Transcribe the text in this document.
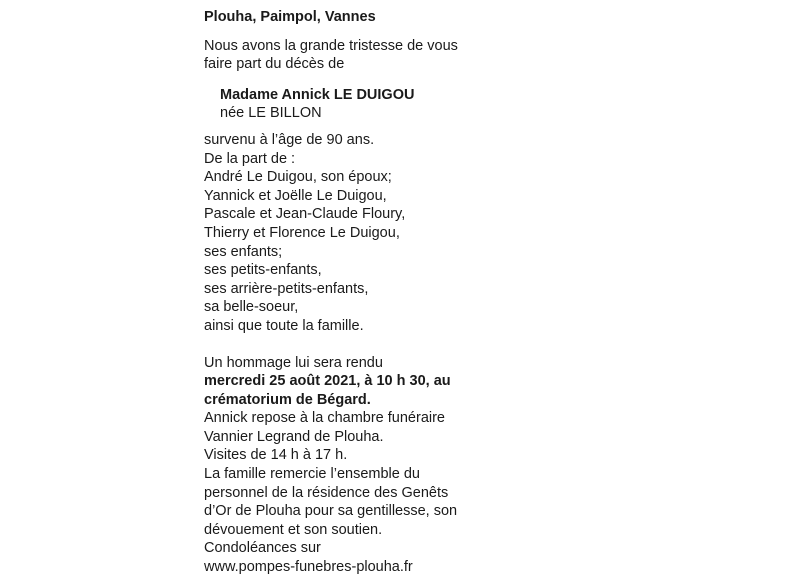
Plouha, Paimpol, Vannes
Nous avons la grande tristesse de vous
faire part du décès de
Madame Annick LE DUIGOU
née LE BILLON
survenu à l’âge de 90 ans.
De la part de :
André Le Duigou, son époux;
Yannick et Joëlle Le Duigou,
Pascale et Jean-Claude Floury,
Thierry et Florence Le Duigou,
ses enfants;
ses petits-enfants,
ses arrière-petits-enfants,
sa belle-soeur,
ainsi que toute la famille.
Un hommage lui sera rendu
mercredi 25 août 2021, à 10 h 30, au
crématorium de Bégard.
Annick repose à la chambre funéraire
Vannier Legrand de Plouha.
Visites de 14 h à 17 h.
La famille remercie l’ensemble du
personnel de la résidence des Genêts
d’Or de Plouha pour sa gentillesse, son
dévouement et son soutien.
Condoléances sur
www.pompes-funebres-plouha.fr
